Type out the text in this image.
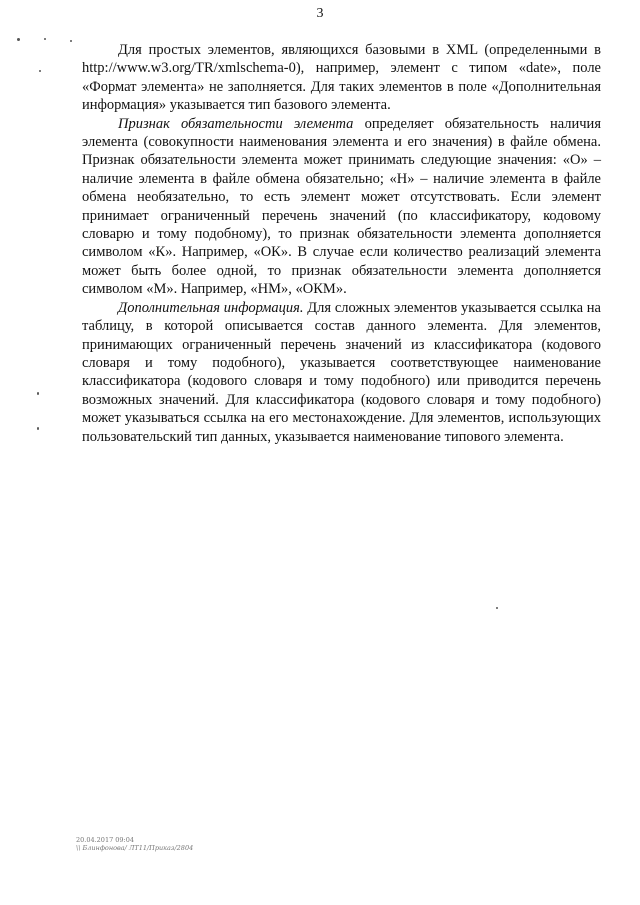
3

Для простых элементов, являющихся базовыми в XML (определенными в http://www.w3.org/TR/xmlschema-0), например, элемент с типом «date», поле «Формат элемента» не заполняется. Для таких элементов в поле «Дополнительная информация» указывается тип базового элемента.

Признак обязательности элемента определяет обязательность наличия элемента (совокупности наименования элемента и его значения) в файле обмена. Признак обязательности элемента может принимать следующие значения: «О» – наличие элемента в файле обмена обязательно; «Н» – наличие элемента в файле обмена необязательно, то есть элемент может отсутствовать. Если элемент принимает ограниченный перечень значений (по классификатору, кодовому словарю и тому подобному), то признак обязательности элемента дополняется символом «К». Например, «ОК». В случае если количество реализаций элемента может быть более одной, то признак обязательности элемента дополняется символом «М». Например, «НМ», «ОКМ».

Дополнительная информация. Для сложных элементов указывается ссылка на таблицу, в которой описывается состав данного элемента. Для элементов, принимающих ограниченный перечень значений из классификатора (кодового словаря и тому подобного), указывается соответствующее наименование классификатора (кодового словаря и тому подобного) или приводится перечень возможных значений. Для классификатора (кодового словаря и тому подобного) может указываться ссылка на его местонахождение. Для элементов, использующих пользовательский тип данных, указывается наименование типового элемента.

20.04.2017 09:04
\\ Блинфонова/ ЛТ11/Приказ/2804
